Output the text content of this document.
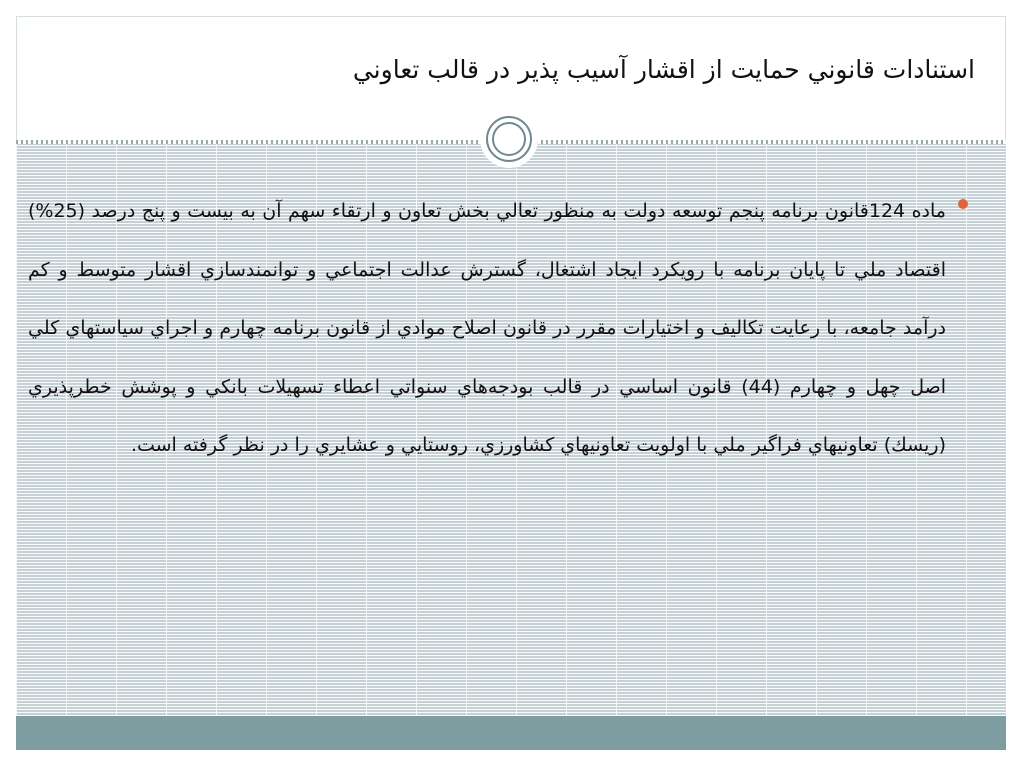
استنادات قانوني حمايت از اقشار آسيب پذير در قالب تعاوني

ماده 124قانون برنامه پنجم توسعه دولت به منظور تعالي بخش تعاون و ارتقاء سهم آن به بيست و پنج درصد (25%) اقتصاد ملي تا پايان برنامه با رويكرد ايجاد اشتغال، گسترش عدالت اجتماعي و توانمندسازي اقشار متوسط و كم درآمد جامعه، با رعايت تكاليف و اختيارات مقرر در قانون اصلاح موادي از قانون برنامه چهارم و اجراي سياستهاي كلي اصل چهل و چهارم (44) قانون اساسي در قالب بودجه‌هاي سنواتي اعطاء تسهيلات بانكي و پوشش خطرپذيري (ريسك) تعاونيهاي فراگير ملي با اولويت تعاونيهاي كشاورزي، روستايي و عشايري را در نظر گرفته است.
